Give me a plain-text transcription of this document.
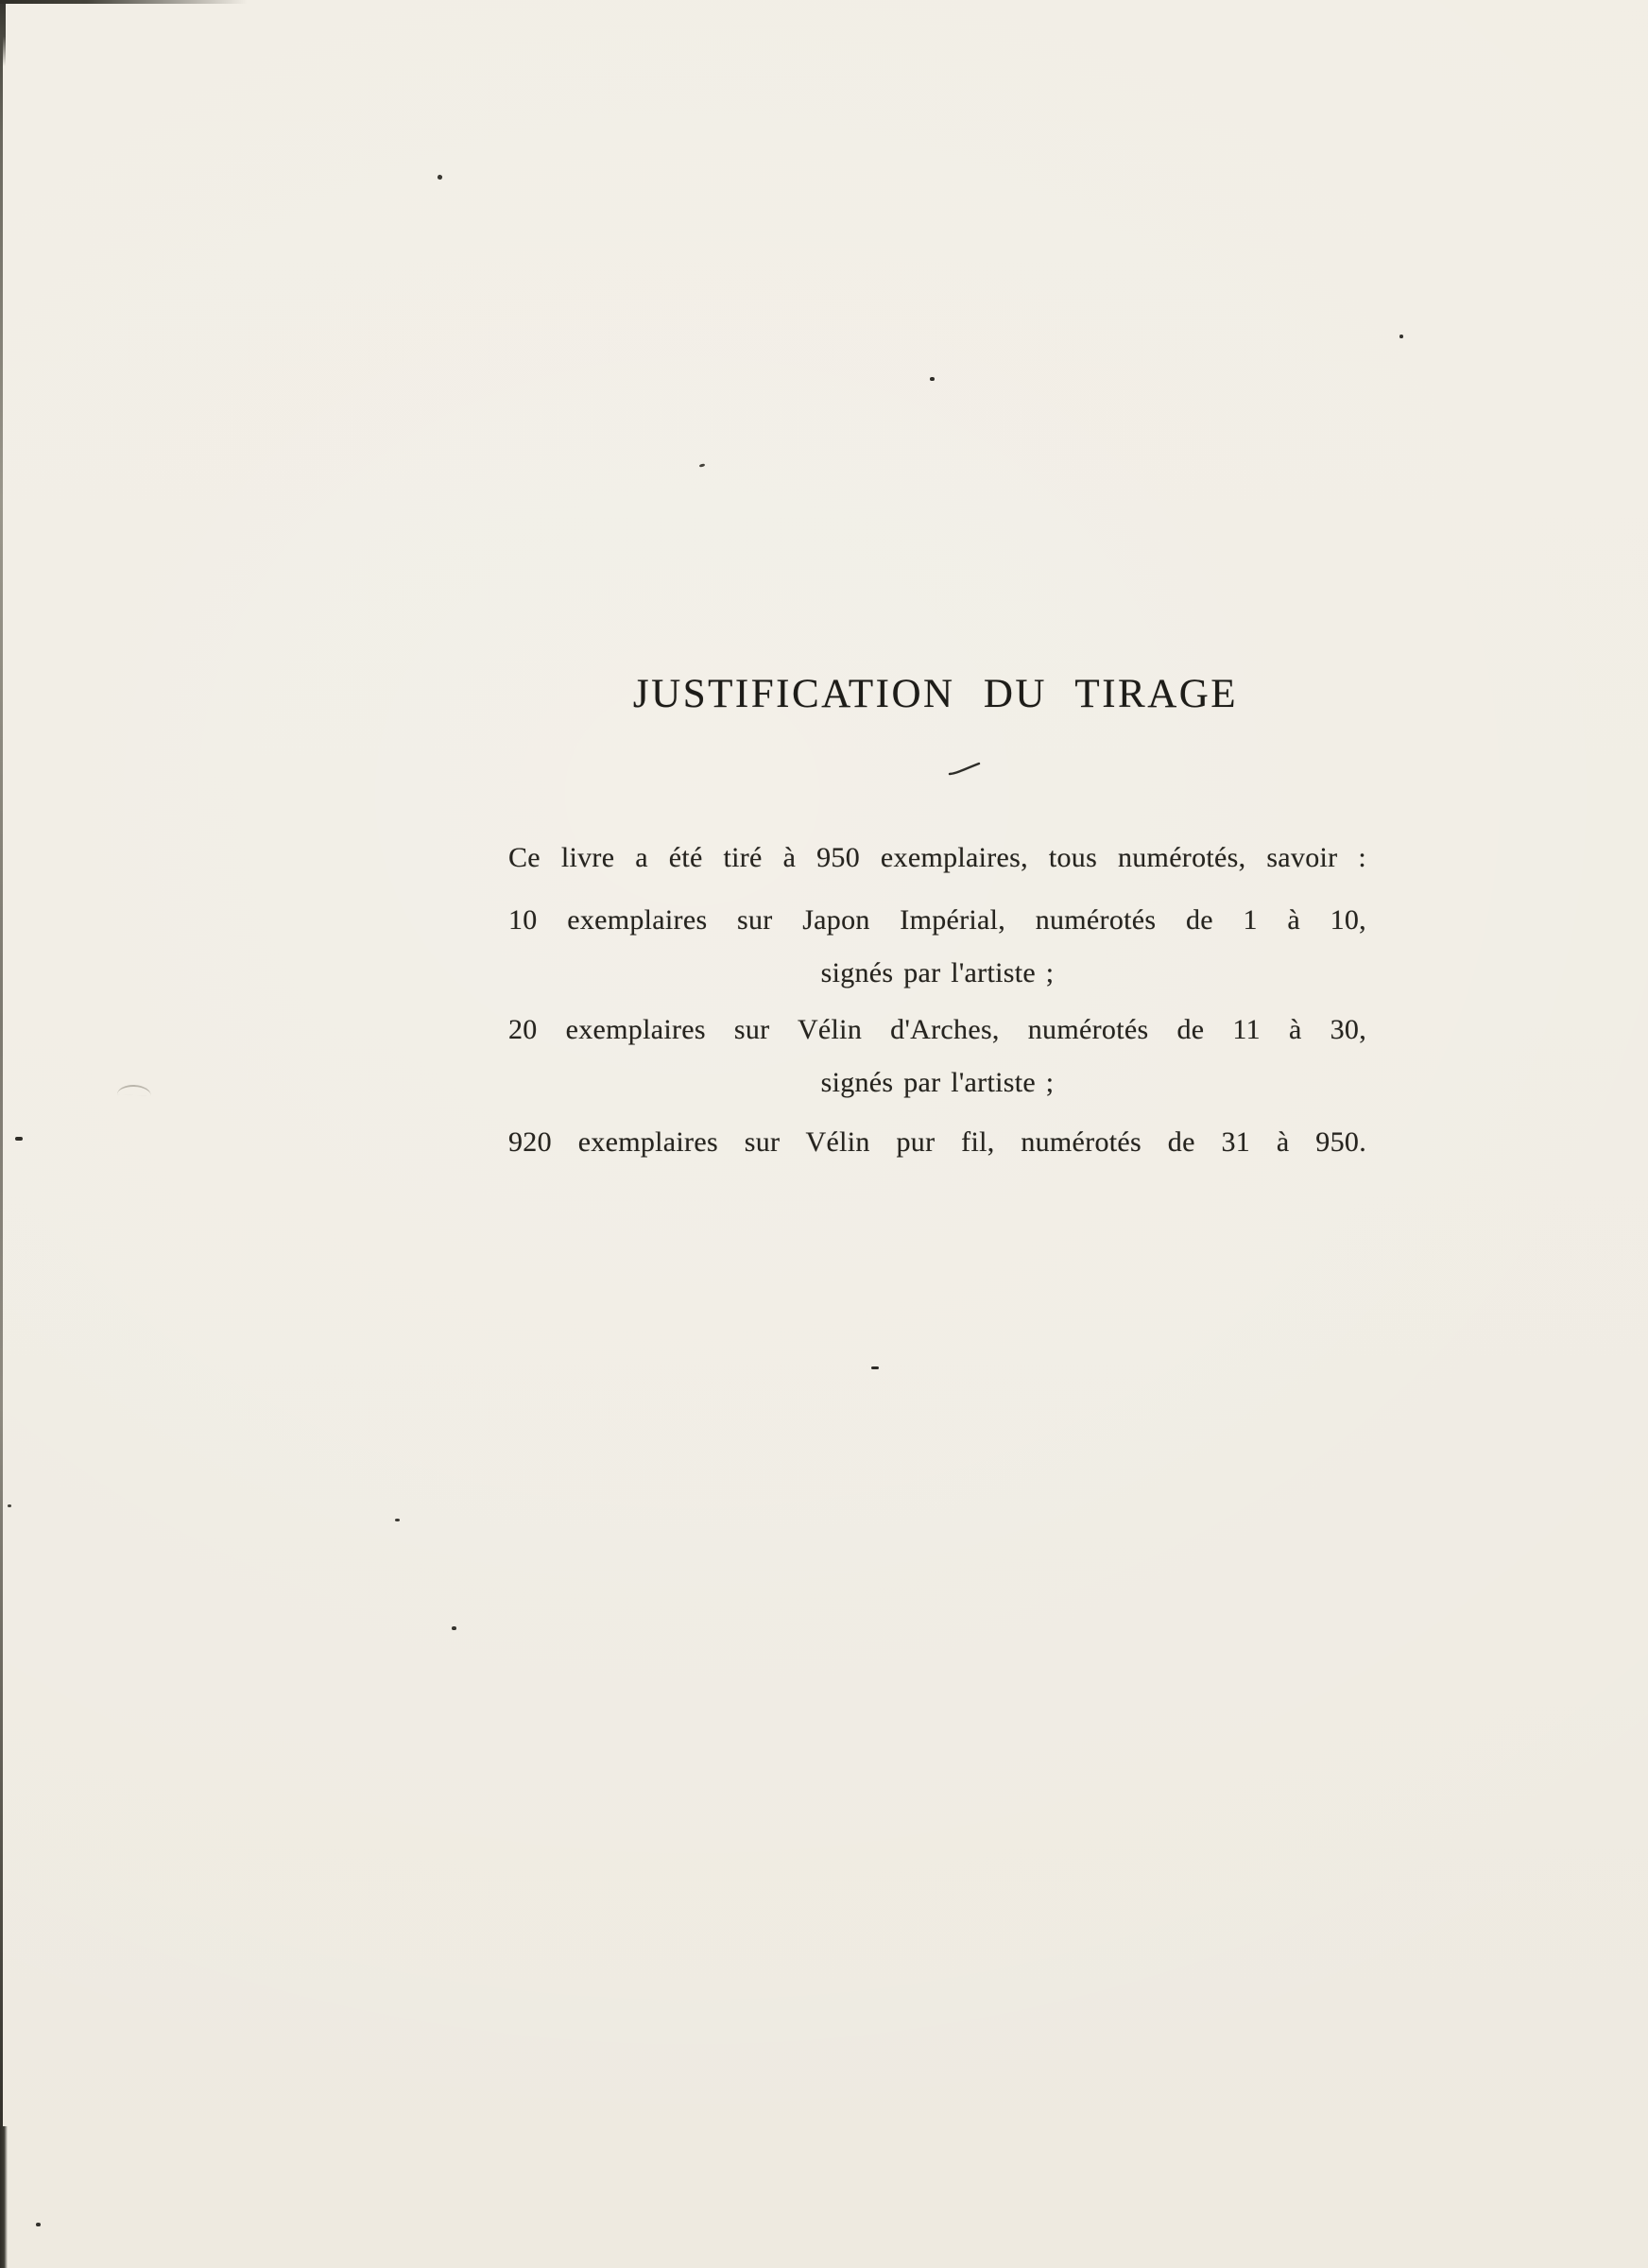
JUSTIFICATION DU TIRAGE
Ce livre a été tiré à 950 exemplaires, tous numérotés, savoir :
10 exemplaires sur Japon Impérial, numérotés de 1 à 10,
signés par l'artiste ;
20 exemplaires sur Vélin d'Arches, numérotés de 11 à 30,
signés par l'artiste ;
920 exemplaires sur Vélin pur fil, numérotés de 31 à 950.
